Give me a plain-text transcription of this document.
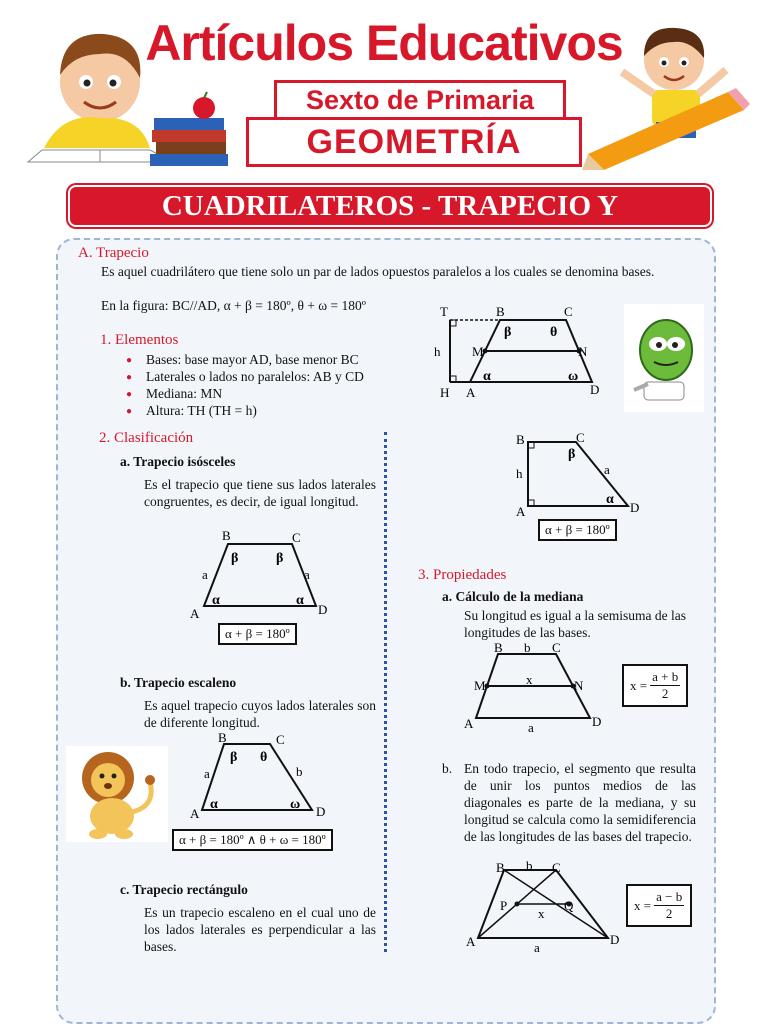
Artículos Educativos
Sexto de Primaria
GEOMETRÍA
CUADRILATEROS - TRAPECIO Y
A. Trapecio
Es aquel cuadrilátero que tiene solo un par de lados opuestos paralelos a los cuales se denomina bases.
En la figura: BC//AD, α + β = 180º, θ + ω = 180º
1. Elementos
● Bases: base mayor AD, base menor BC
● Laterales o lados no paralelos: AB y CD
● Mediana: MN
● Altura: TH (TH = h)
T	B	C
h M	N
H A	D
β	θ
α	ω
2. Clasificación
a. Trapecio isósceles
Es el trapecio que tiene sus lados laterales congruentes, es decir, de igual longitud.
B	C
A	D
a	a
β	β
α	α
α + β = 180º
b. Trapecio escaleno
Es aquel trapecio cuyos lados laterales son de diferente longitud.
B	C
A	D
a	b
β θ
α	ω
α + β = 180º ∧ θ + ω = 180º
c. Trapecio rectángulo
Es un trapecio escaleno en el cual uno de los lados laterales es perpendicular a las bases.
B	C
h
A	D
a
β
α
α + β = 180º
3. Propiedades
a. Cálculo de la mediana
Su longitud es igual a la semisuma de las longitudes de las bases.
B b C
M	x	N
A	a	D
$x = \frac{a + b}{2}$
b. En todo trapecio, el segmento que resulta de unir los puntos medios de las diagonales es parte de la mediana, y su longitud se calcula como la semidiferencia de las longitudes de las bases del trapecio.
B b C
P
x
Q
A	a
D
$x = \frac{a - b}{2}$
